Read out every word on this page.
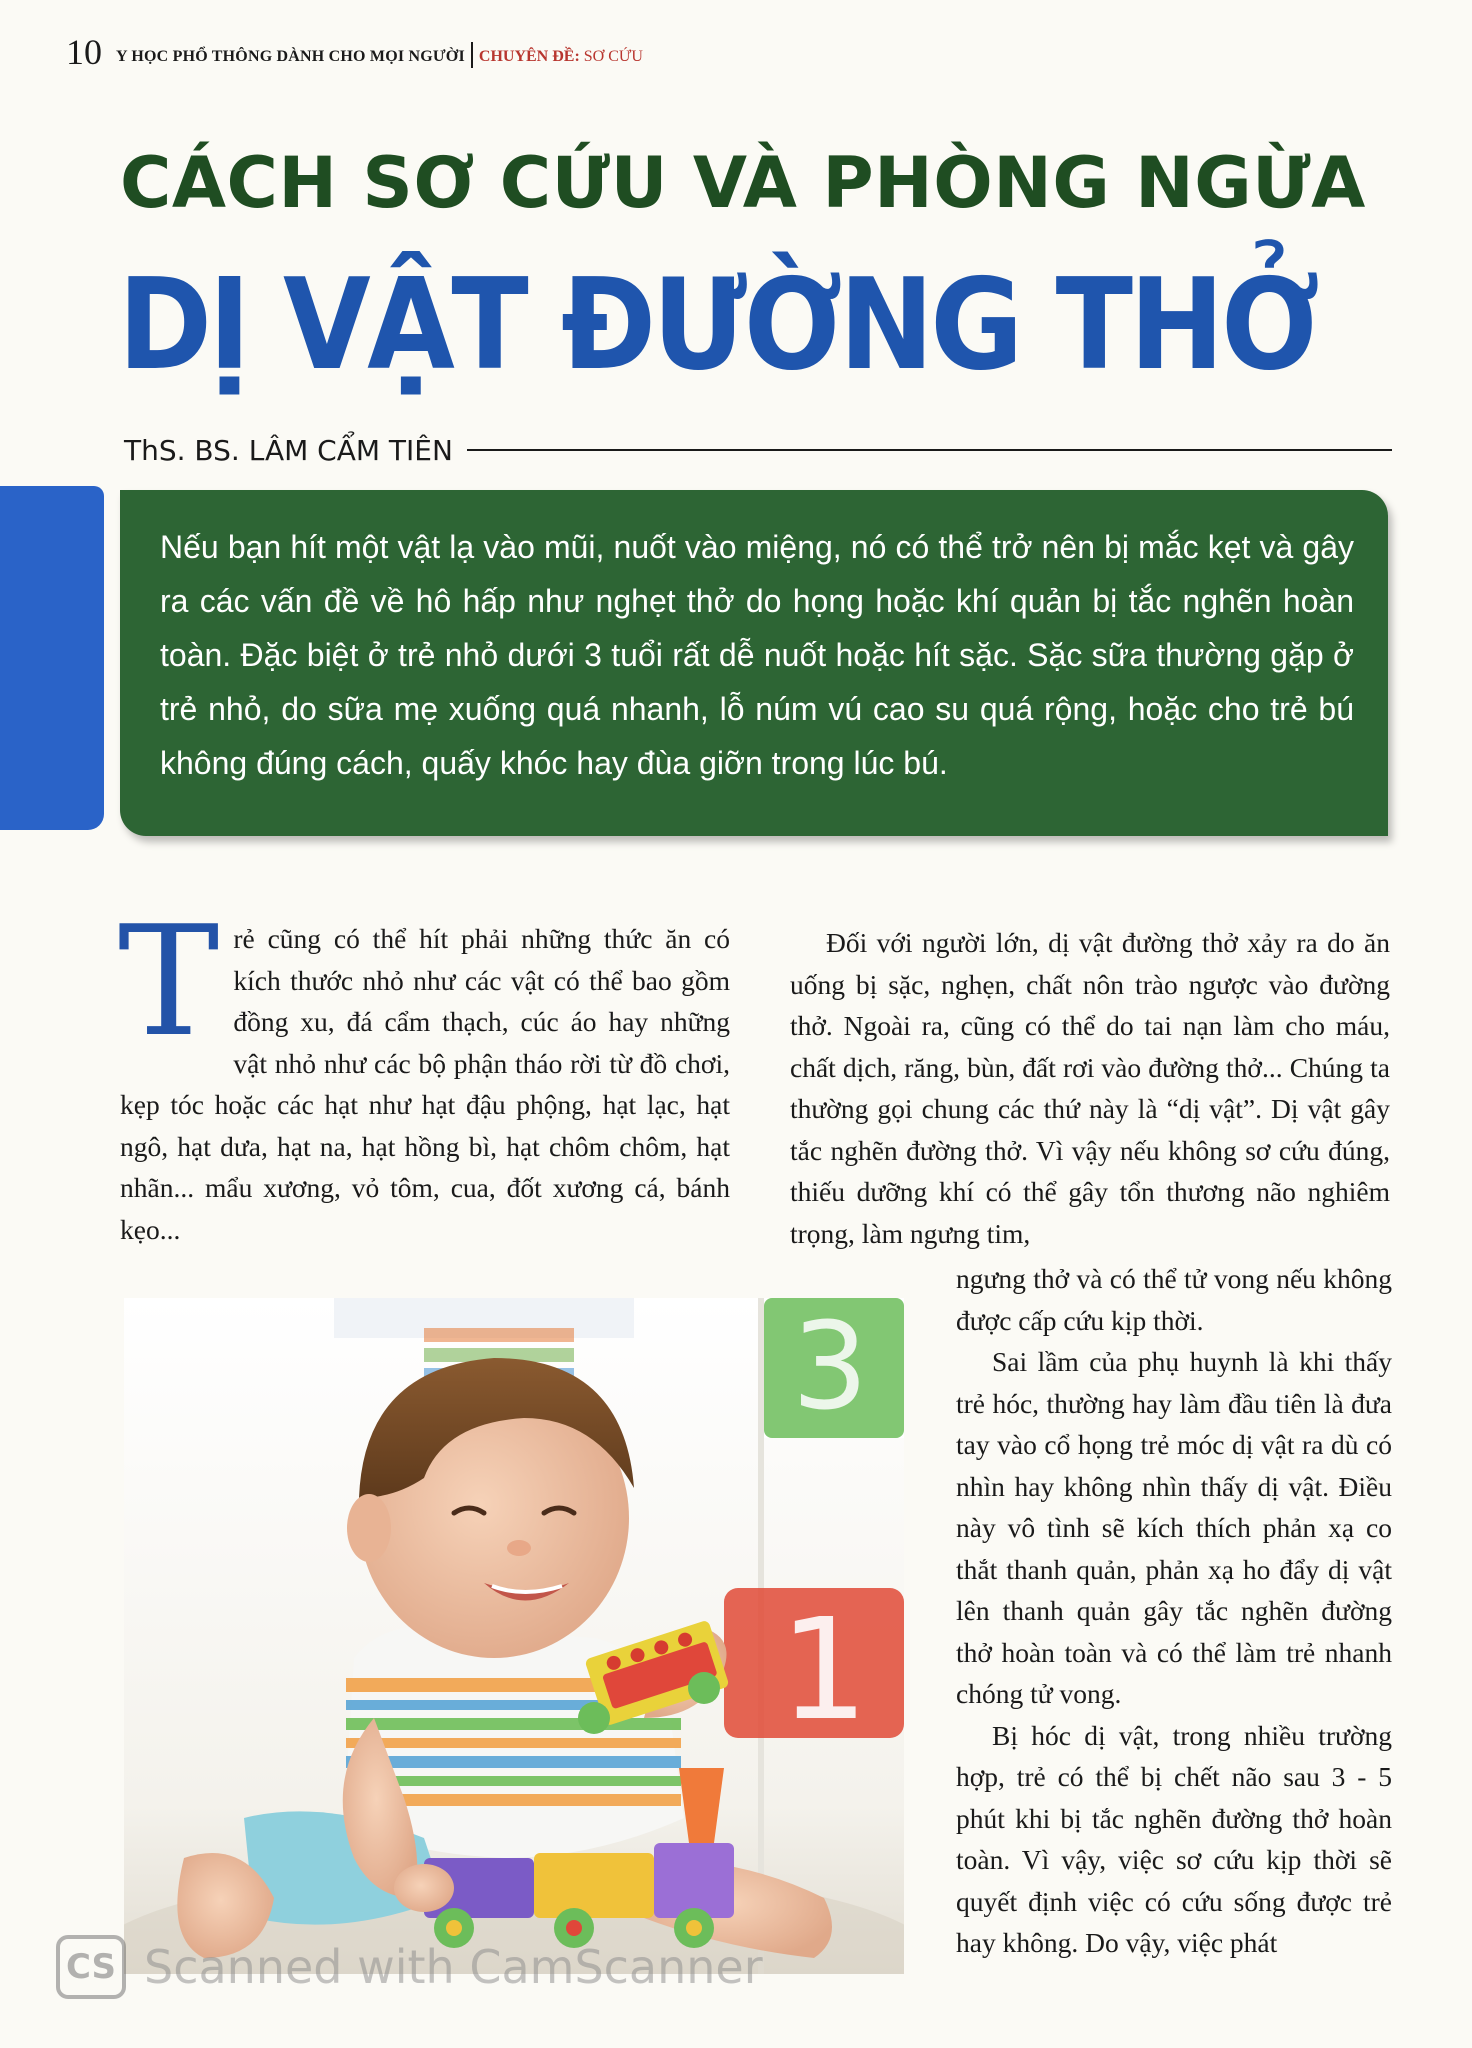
10 Y HỌC PHỔ THÔNG DÀNH CHO MỌI NGƯỜI CHUYÊN ĐỀ: SƠ CỨU
CÁCH SƠ CỨU VÀ PHÒNG NGỪA
DỊ VẬT ĐƯỜNG THỞ
ThS. BS. LÂM CẨM TIÊN

Nếu bạn hít một vật lạ vào mũi, nuốt vào miệng, nó có thể trở nên bị mắc kẹt và gây ra các vấn đề về hô hấp như nghẹt thở do họng hoặc khí quản bị tắc nghẽn hoàn toàn. Đặc biệt ở trẻ nhỏ dưới 3 tuổi rất dễ nuốt hoặc hít sặc. Sặc sữa thường gặp ở trẻ nhỏ, do sữa mẹ xuống quá nhanh, lỗ núm vú cao su quá rộng, hoặc cho trẻ bú không đúng cách, quấy khóc hay đùa giỡn trong lúc bú.

T rẻ cũng có thể hít phải những thức ăn có kích thước nhỏ như các vật có thể bao gồm đồng xu, đá cẩm thạch, cúc áo hay những vật nhỏ như các bộ phận tháo rời từ đồ chơi, kẹp tóc hoặc các hạt như hạt đậu phộng, hạt lạc, hạt ngô, hạt dưa, hạt na, hạt hồng bì, hạt chôm chôm, hạt nhãn... mẩu xương, vỏ tôm, cua, đốt xương cá, bánh kẹo...

Đối với người lớn, dị vật đường thở xảy ra do ăn uống bị sặc, nghẹn, chất nôn trào ngược vào đường thở. Ngoài ra, cũng có thể do tai nạn làm cho máu, chất dịch, răng, bùn, đất rơi vào đường thở... Chúng ta thường gọi chung các thứ này là “dị vật”. Dị vật gây tắc nghẽn đường thở. Vì vậy nếu không sơ cứu đúng, thiếu dưỡng khí có thể gây tổn thương não nghiêm trọng, làm ngưng tim,

ngưng thở và có thể tử vong nếu không được cấp cứu kịp thời.

Sai lầm của phụ huynh là khi thấy trẻ hóc, thường hay làm đầu tiên là đưa tay vào cổ họng trẻ móc dị vật ra dù có nhìn hay không nhìn thấy dị vật. Điều này vô tình sẽ kích thích phản xạ co thắt thanh quản, phản xạ ho đẩy dị vật lên thanh quản gây tắc nghẽn đường thở hoàn toàn và có thể làm trẻ nhanh chóng tử vong.

Bị hóc dị vật, trong nhiều trường hợp, trẻ có thể bị chết não sau 3 - 5 phút khi bị tắc nghẽn đường thở hoàn toàn. Vì vậy, việc sơ cứu kịp thời sẽ quyết định việc có cứu sống được trẻ hay không. Do vậy, việc phát

3
1
CS Scanned with CamScanner
